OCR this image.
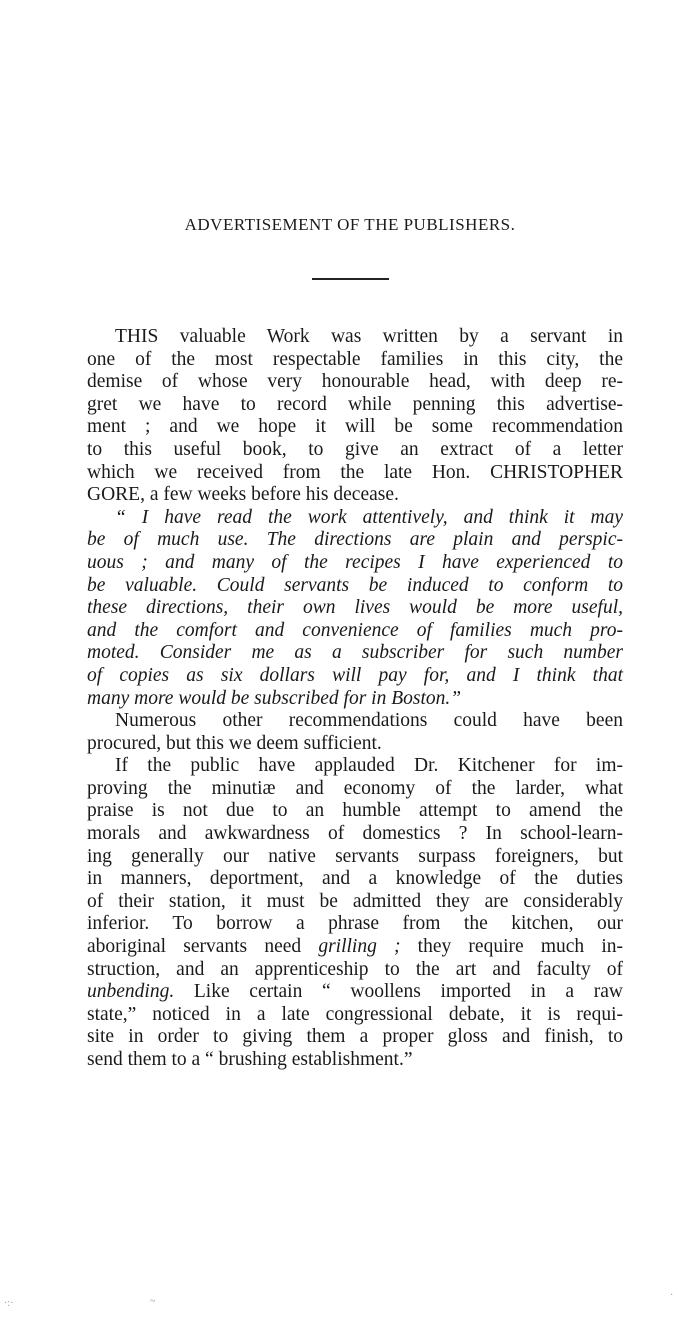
ADVERTISEMENT OF THE PUBLISHERS.
THIS valuable Work was written by a servant in
one of the most respectable families in this city, the
demise of whose very honourable head, with deep re-
gret we have to record while penning this advertise-
ment ; and we hope it will be some recommendation
to this useful book, to give an extract of a letter
which we received from the late Hon. CHRISTOPHER
GORE, a few weeks before his decease.
“ I have read the work attentively, and think it may
be of much use. The directions are plain and perspic-
uous ; and many of the recipes I have experienced to
be valuable. Could servants be induced to conform to
these directions, their own lives would be more useful,
and the comfort and convenience of families much pro-
moted. Consider me as a subscriber for such number
of copies as six dollars will pay for, and I think that
many more would be subscribed for in Boston.”
Numerous other recommendations could have been
procured, but this we deem sufficient.
If the public have applauded Dr. Kitchener for im-
proving the minutiæ and economy of the larder, what
praise is not due to an humble attempt to amend the
morals and awkwardness of domestics ? In school-learn-
ing generally our native servants surpass foreigners, but
in manners, deportment, and a knowledge of the duties
of their station, it must be admitted they are considerably
inferior. To borrow a phrase from the kitchen, our
aboriginal servants need grilling ; they require much in-
struction, and an apprenticeship to the art and faculty of
unbending. Like certain “ woollens imported in a raw
state,” noticed in a late congressional debate, it is requi-
site in order to giving them a proper gloss and finish, to
send them to a “ brushing establishment.”
~
·:·
·
